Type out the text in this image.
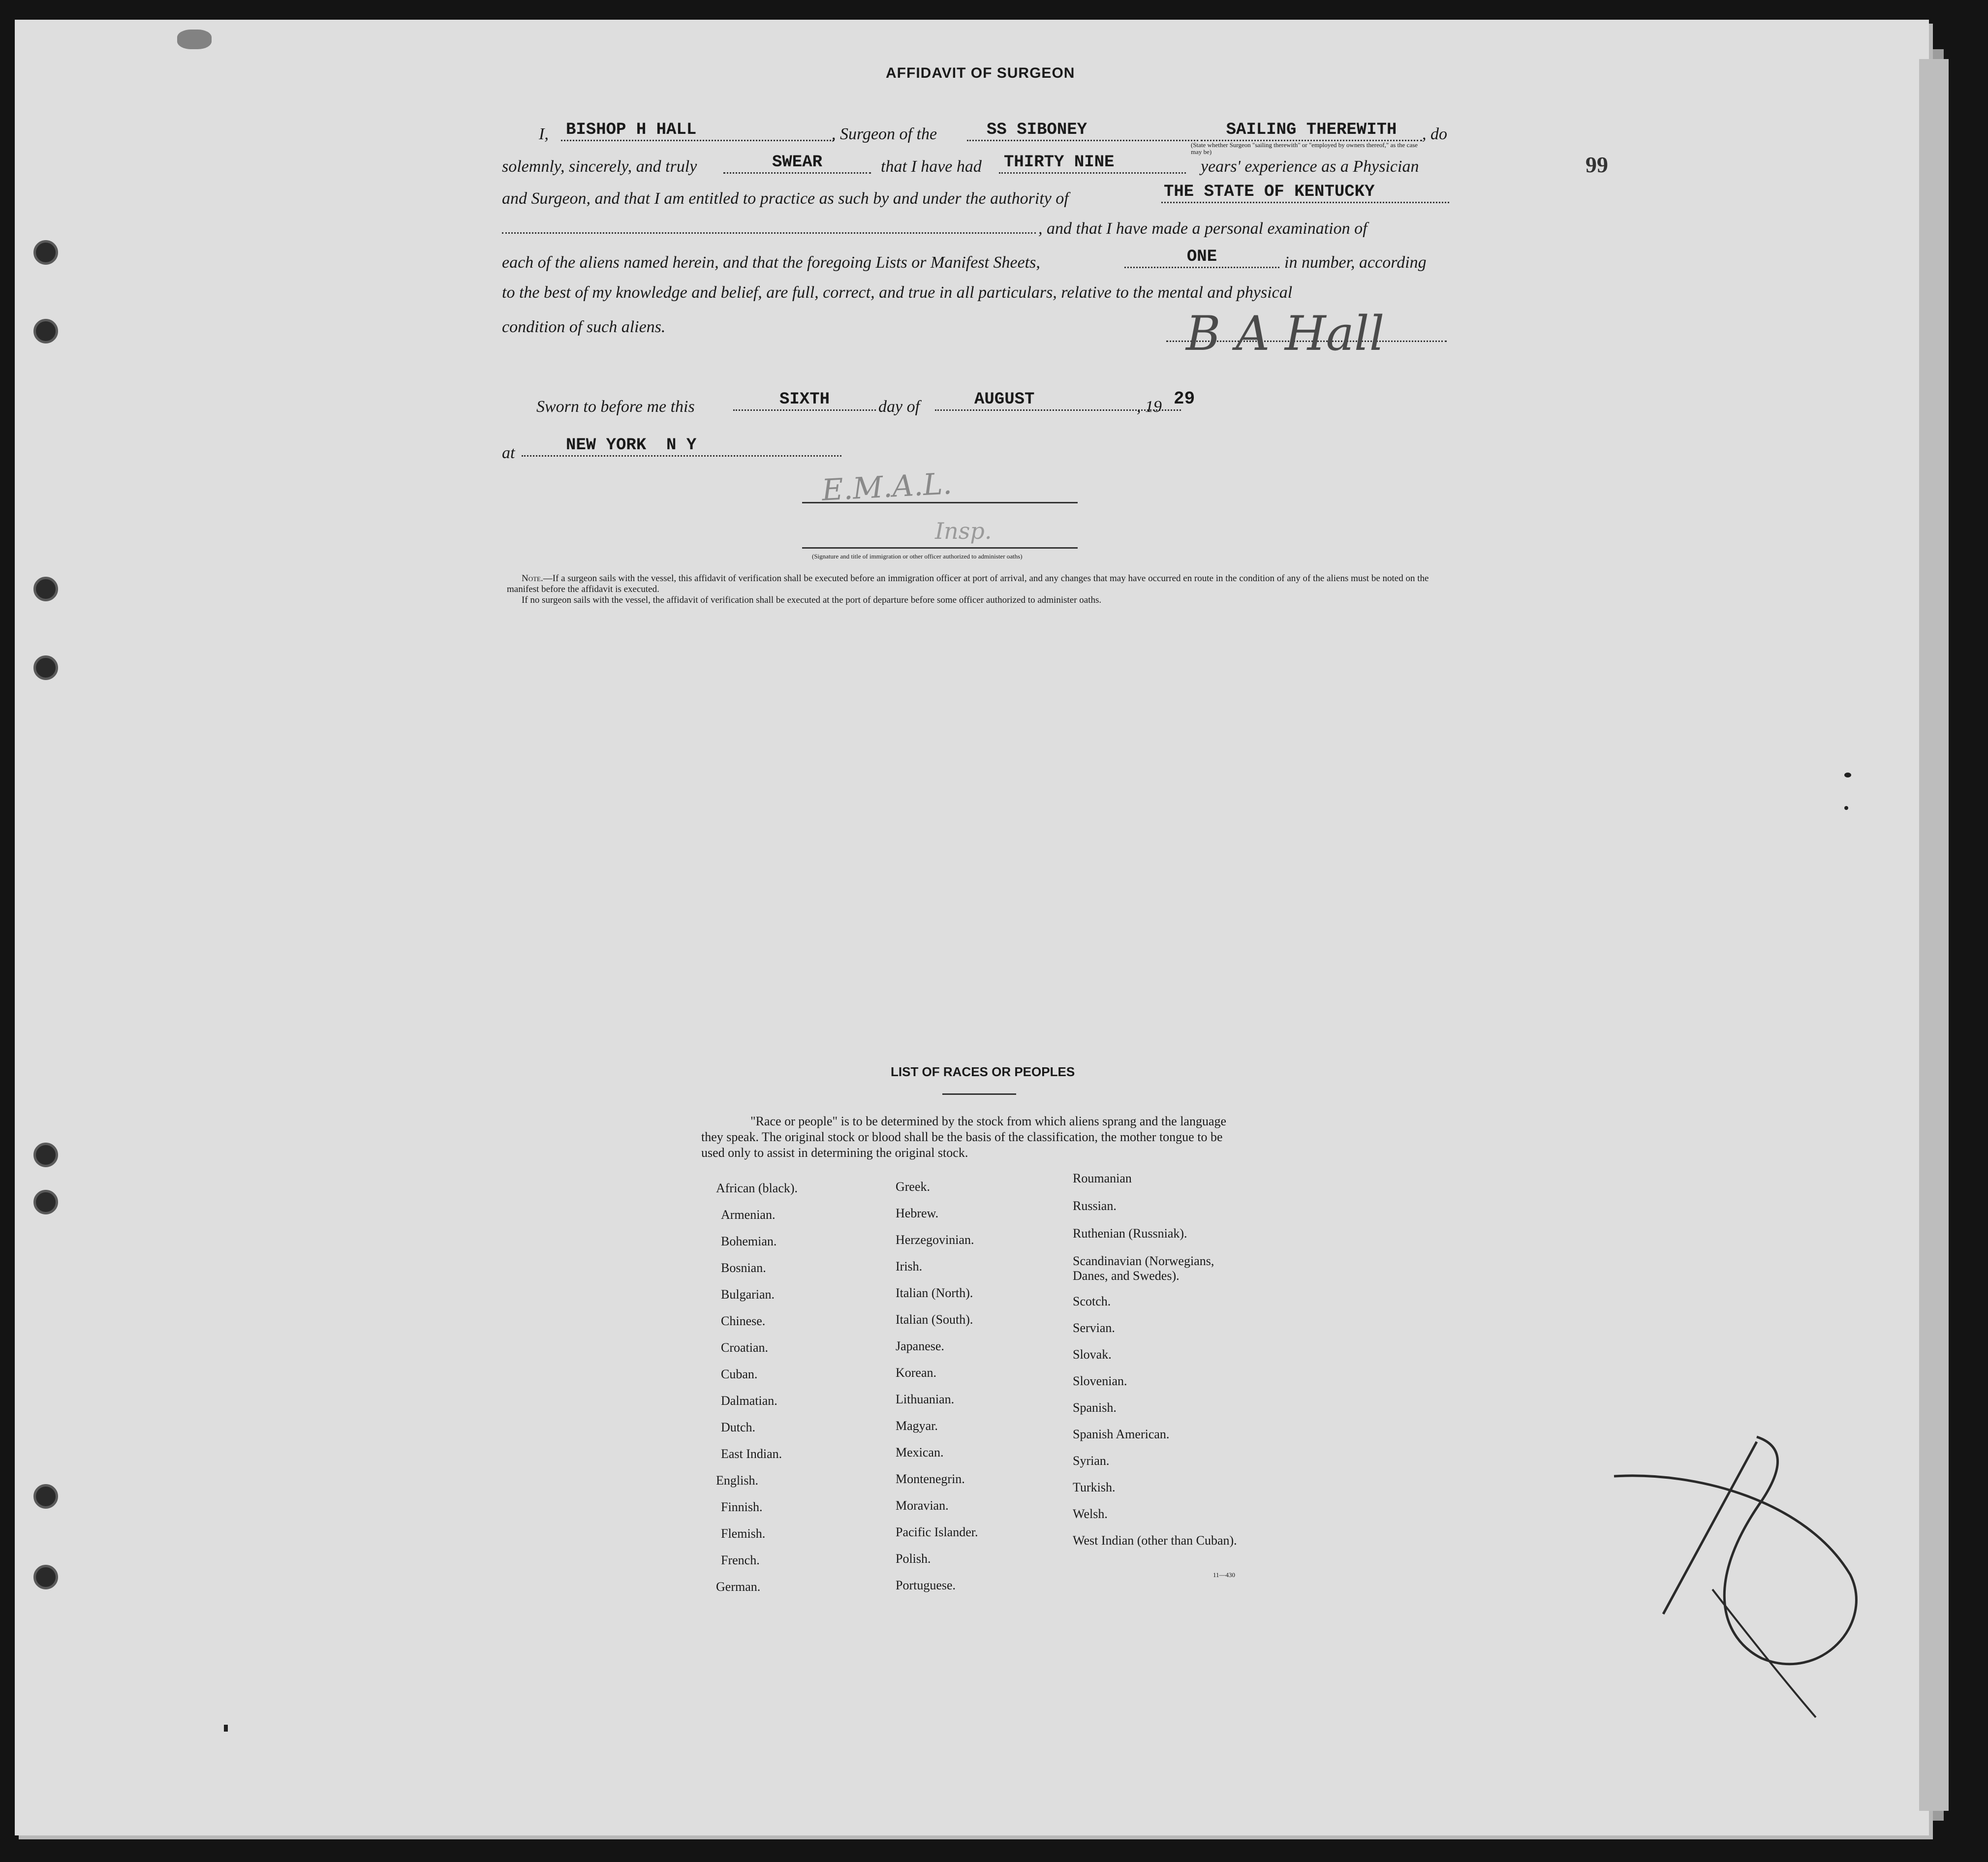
99
AFFIDAVIT OF SURGEON
I, BISHOP H HALL	, Surgeon of the	SS SIBONEY	SAILING THEREWITH	, do
(State whether Surgeon "sailing therewith" or "employed by owners thereof," as the case may be)
solemnly, sincerely, and truly	SWEAR	that I have had THIRTY NINE	years' experience as a Physician
and Surgeon, and that I am entitled to practice as such by and under the authority of	THE STATE OF KENTUCKY
, and that I have made a personal examination of
each of the aliens named herein, and that the foregoing Lists or Manifest Sheets,	ONE	in number, according
to the best of my knowledge and belief, are full, correct, and true in all particulars, relative to the mental and physical
condition of such aliens.	B A Hall
Sworn to before me this	SIXTH	day of	AUGUST	, 19 29
at	NEW YORK  N Y
E.M.A.L.
Insp.
(Signature and title of immigration or other officer authorized to administer oaths)
Note.—If a surgeon sails with the vessel, this affidavit of verification shall be executed before an immigration officer at port of arrival, and any changes that may have occurred en route in the condition of any of the aliens must be noted on the manifest before the affidavit is executed.
If no surgeon sails with the vessel, the affidavit of verification shall be executed at the port of departure before some officer authorized to administer oaths.
LIST OF RACES OR PEOPLES
"Race or people" is to be determined by the stock from which aliens sprang and the language they speak. The original stock or blood shall be the basis of the classification, the mother tongue to be used only to assist in determining the original stock.
African (black).
Armenian.
Bohemian.
Bosnian.
Bulgarian.
Chinese.
Croatian.
Cuban.
Dalmatian.
Dutch.
East Indian.
English.
Finnish.
Flemish.
French.
German.
Greek.
Hebrew.
Herzegovinian.
Irish.
Italian (North).
Italian (South).
Japanese.
Korean.
Lithuanian.
Magyar.
Mexican.
Montenegrin.
Moravian.
Pacific Islander.
Polish.
Portuguese.
Roumanian
Russian.
Ruthenian (Russniak).
Scandinavian (Norwegians, Danes, and Swedes).
Scotch.
Servian.
Slovak.
Slovenian.
Spanish.
Spanish American.
Syrian.
Turkish.
Welsh.
West Indian (other than Cuban).
11—430
